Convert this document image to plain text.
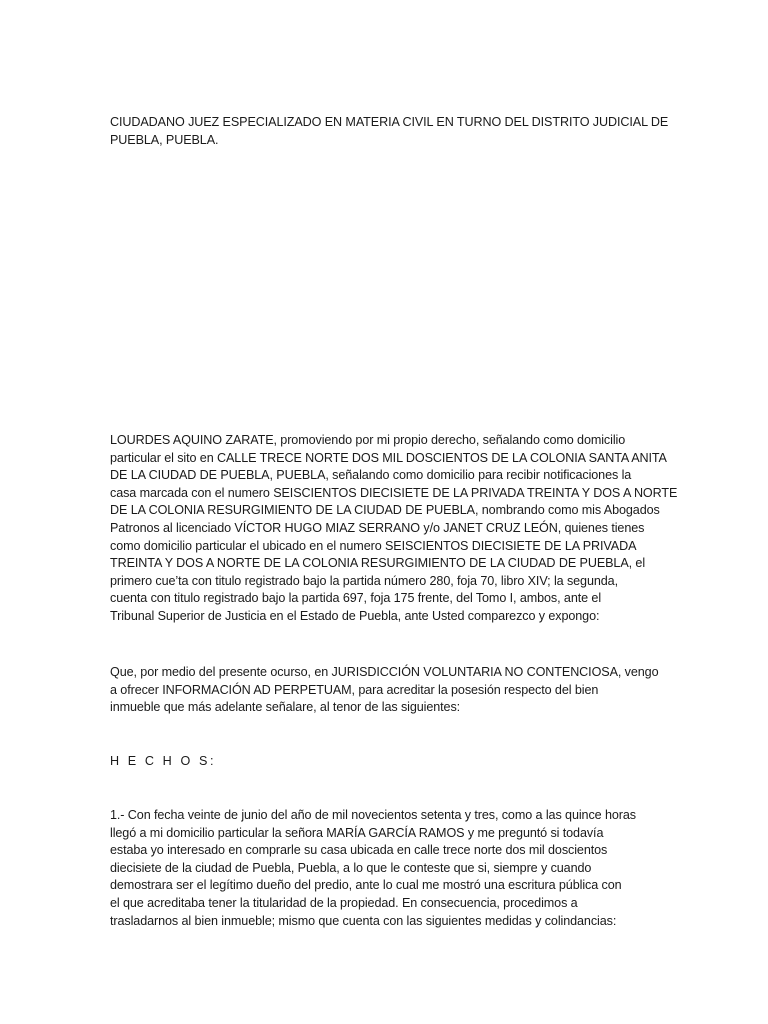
CIUDADANO JUEZ ESPECIALIZADO EN MATERIA CIVIL EN TURNO DEL DISTRITO JUDICIAL DE
PUEBLA, PUEBLA.
LOURDES AQUINO ZARATE, promoviendo por mi propio derecho, señalando como domicilio
particular el sito en CALLE TRECE NORTE DOS MIL DOSCIENTOS DE LA COLONIA SANTA ANITA
DE LA CIUDAD DE PUEBLA, PUEBLA, señalando como domicilio para recibir notificaciones la
casa marcada con el numero SEISCIENTOS DIECISIETE DE LA PRIVADA TREINTA Y DOS A NORTE
DE LA COLONIA RESURGIMIENTO DE LA CIUDAD DE PUEBLA, nombrando como mis Abogados
Patronos al licenciado VÍCTOR HUGO MIAZ SERRANO y/o JANET CRUZ LEÓN, quienes tienes
como domicilio particular el ubicado en el numero SEISCIENTOS DIECISIETE DE LA PRIVADA
TREINTA Y DOS A NORTE DE LA COLONIA RESURGIMIENTO DE LA CIUDAD DE PUEBLA, el
primero cue’ta con titulo registrado bajo la partida número 280, foja 70, libro XIV; la segunda,
cuenta con titulo registrado bajo la partida 697, foja 175 frente, del Tomo I, ambos, ante el
Tribunal Superior de Justicia en el Estado de Puebla, ante Usted comparezco y expongo:
Que, por medio del presente ocurso, en JURISDICCIÓN VOLUNTARIA NO CONTENCIOSA, vengo
a ofrecer INFORMACIÓN AD PERPETUAM, para acreditar la posesión respecto del bien
inmueble que más adelante señalare, al tenor de las siguientes:
H E C H O S:
1.- Con fecha veinte de junio del año de mil novecientos setenta y tres, como a las quince horas
llegó a mi domicilio particular la señora MARÍA GARCÍA RAMOS y me preguntó si todavía
estaba yo interesado en comprarle su casa ubicada en calle trece norte dos mil doscientos
diecisiete de la ciudad de Puebla, Puebla, a lo que le conteste que si, siempre y cuando
demostrara ser el legítimo dueño del predio, ante lo cual me mostró una escritura pública con
el que acreditaba tener la titularidad de la propiedad. En consecuencia, procedimos a
trasladarnos al bien inmueble; mismo que cuenta con las siguientes medidas y colindancias:
